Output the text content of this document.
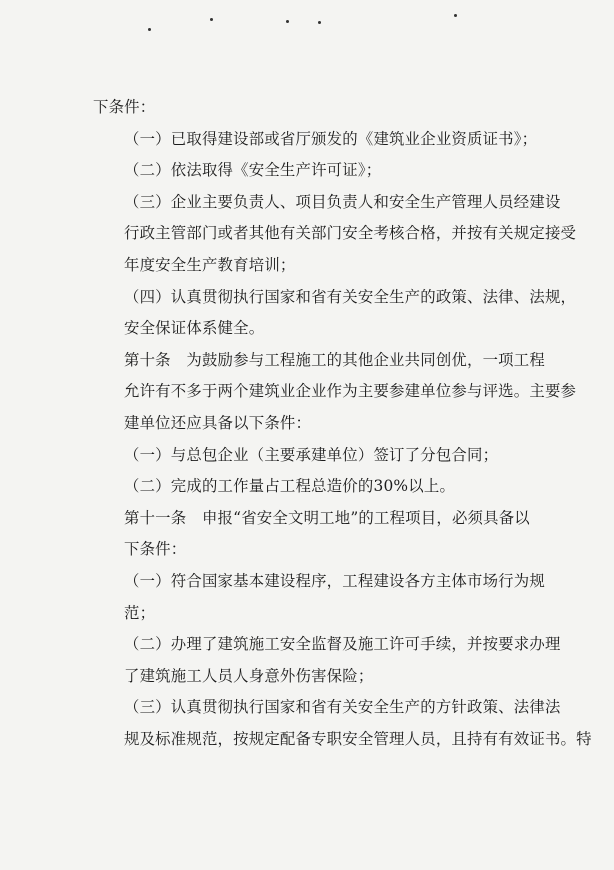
下条件：

（一）已取得建设部或省厅颁发的《建筑业企业资质证书》；

（二）依法取得《安全生产许可证》；

（三）企业主要负责人、项目负责人和安全生产管理人员经建设
行政主管部门或者其他有关部门安全考核合格，并按有关规定接受
年度安全生产教育培训；

（四）认真贯彻执行国家和省有关安全生产的政策、法律、法规，
安全保证体系健全。

第十条　为鼓励参与工程施工的其他企业共同创优，一项工程
允许有不多于两个建筑业企业作为主要参建单位参与评选。主要参
建单位还应具备以下条件：

（一）与总包企业（主要承建单位）签订了分包合同；

（二）完成的工作量占工程总造价的30%以上。

第十一条　申报“省安全文明工地”的工程项目，必须具备以
下条件：

（一）符合国家基本建设程序，工程建设各方主体市场行为规
范；

（二）办理了建筑施工安全监督及施工许可手续，并按要求办理
了建筑施工人员人身意外伤害保险；

（三）认真贯彻执行国家和省有关安全生产的方针政策、法律法
规及标准规范，按规定配备专职安全管理人员，且持有有效证书。特
